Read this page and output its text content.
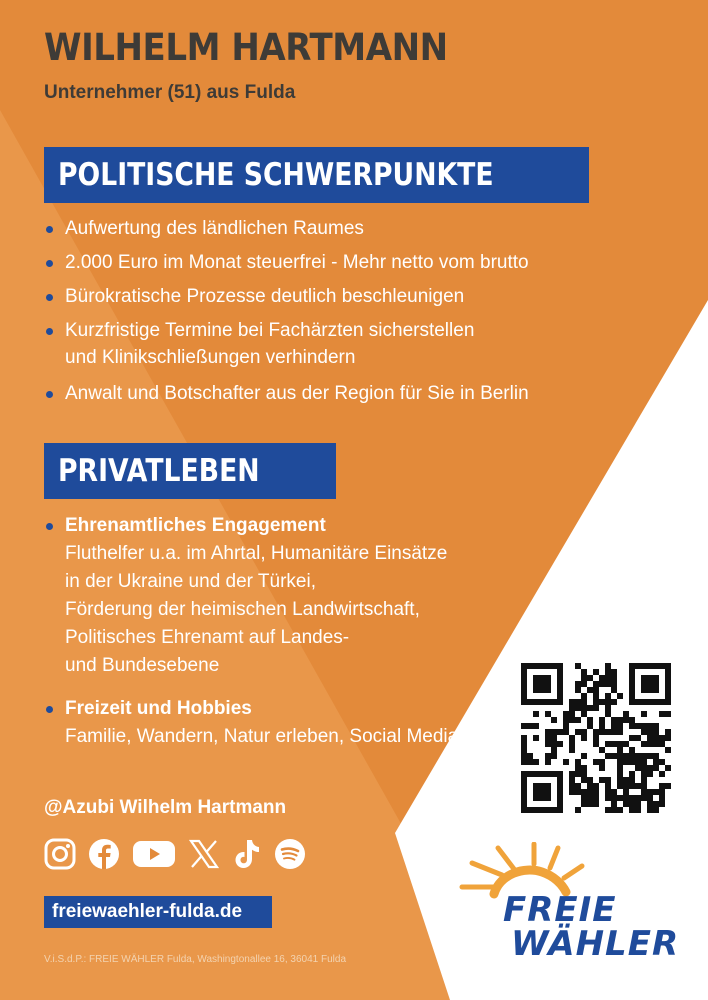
WILHELM HARTMANN
Unternehmer (51) aus Fulda
POLITISCHE SCHWERPUNKTE
Aufwertung des ländlichen Raumes
2.000 Euro im Monat steuerfrei - Mehr netto vom brutto
Bürokratische Prozesse deutlich beschleunigen
Kurzfristige Termine bei Fachärzten sicherstellen
und Klinikschließungen verhindern
Anwalt und Botschafter aus der Region für Sie in Berlin
PRIVATLEBEN
Ehrenamtliches Engagement
Fluthelfer u.a. im Ahrtal, Humanitäre Einsätze
in der Ukraine und der Türkei,
Förderung der heimischen Landwirtschaft,
Politisches Ehrenamt auf Landes-
und Bundesebene
Freizeit und Hobbies
Familie, Wandern, Natur erleben, Social Media
@Azubi Wilhelm Hartmann
freiewaehler-fulda.de
V.i.S.d.P.: FREIE WÄHLER Fulda, Washingtonallee 16, 36041 Fulda
FREIE
WÄHLER
